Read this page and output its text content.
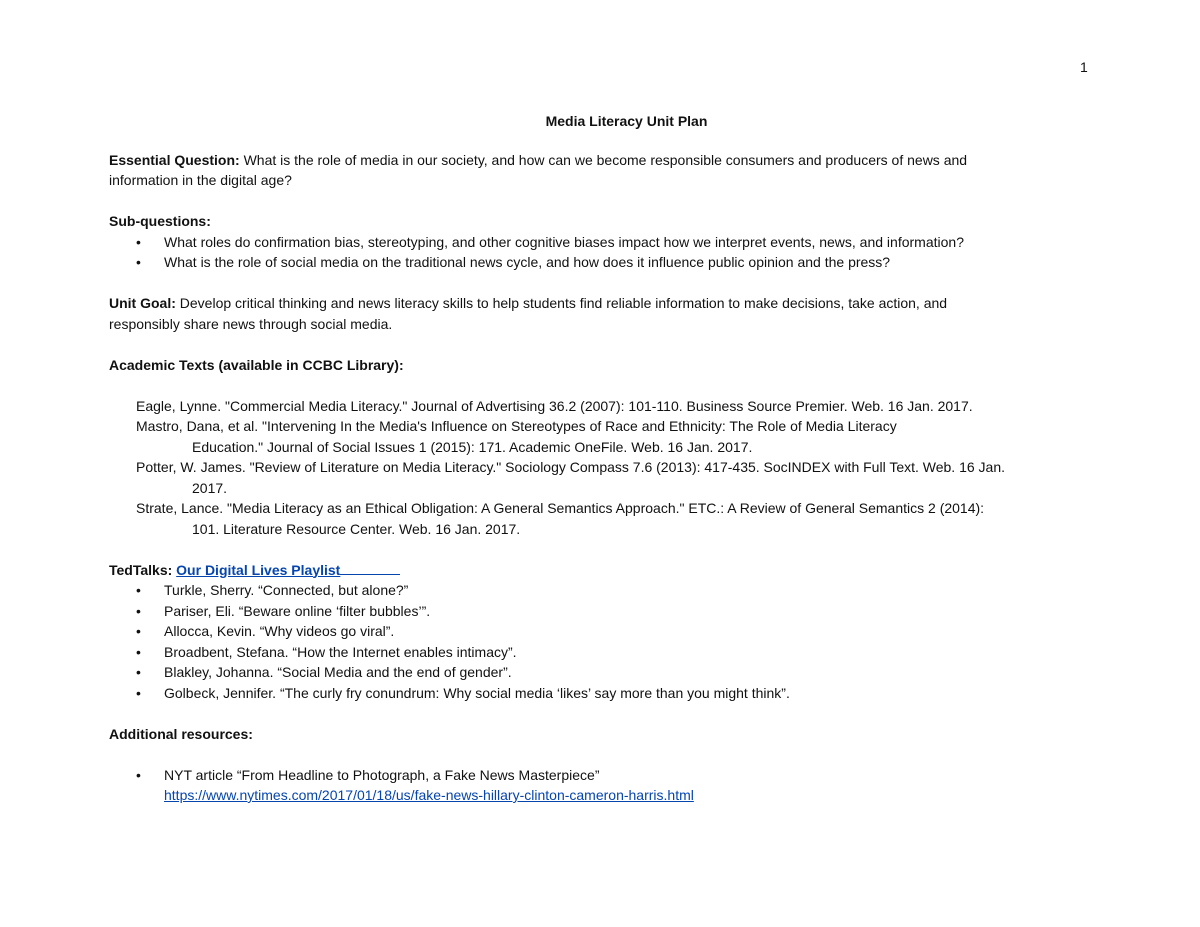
1

Media Literacy Unit Plan

Essential Question: What is the role of media in our society, and how can we become responsible consumers and producers of news and
information in the digital age?

Sub-questions:

• What roles do confirmation bias, stereotyping, and other cognitive biases impact how we interpret events, news, and information?
• What is the role of social media on the traditional news cycle, and how does it influence public opinion and the press?

Unit Goal: Develop critical thinking and news literacy skills to help students find reliable information to make decisions, take action, and
responsibly share news through social media.

Academic Texts (available in CCBC Library):

Eagle, Lynne. "Commercial Media Literacy." Journal of Advertising 36.2 (2007): 101-110. Business Source Premier. Web. 16 Jan. 2017.

Mastro, Dana, et al. "Intervening In the Media's Influence on Stereotypes of Race and Ethnicity: The Role of Media Literacy
Education." Journal of Social Issues 1 (2015): 171. Academic OneFile. Web. 16 Jan. 2017.

Potter, W. James. "Review of Literature on Media Literacy." Sociology Compass 7.6 (2013): 417-435. SocINDEX with Full Text. Web. 16 Jan.
2017.

Strate, Lance. "Media Literacy as an Ethical Obligation: A General Semantics Approach." ETC.: A Review of General Semantics 2 (2014):
101. Literature Resource Center. Web. 16 Jan. 2017.

TedTalks: Our Digital Lives Playlist

• Turkle, Sherry. “Connected, but alone?”
• Pariser, Eli. “Beware online ‘filter bubbles’”.
• Allocca, Kevin. “Why videos go viral”.
• Broadbent, Stefana. “How the Internet enables intimacy”.
• Blakley, Johanna. “Social Media and the end of gender”.
• Golbeck, Jennifer. “The curly fry conundrum: Why social media ‘likes’ say more than you might think”.

Additional resources:

• NYT article “From Headline to Photograph, a Fake News Masterpiece”
https://www.nytimes.com/2017/01/18/us/fake-news-hillary-clinton-cameron-harris.html
